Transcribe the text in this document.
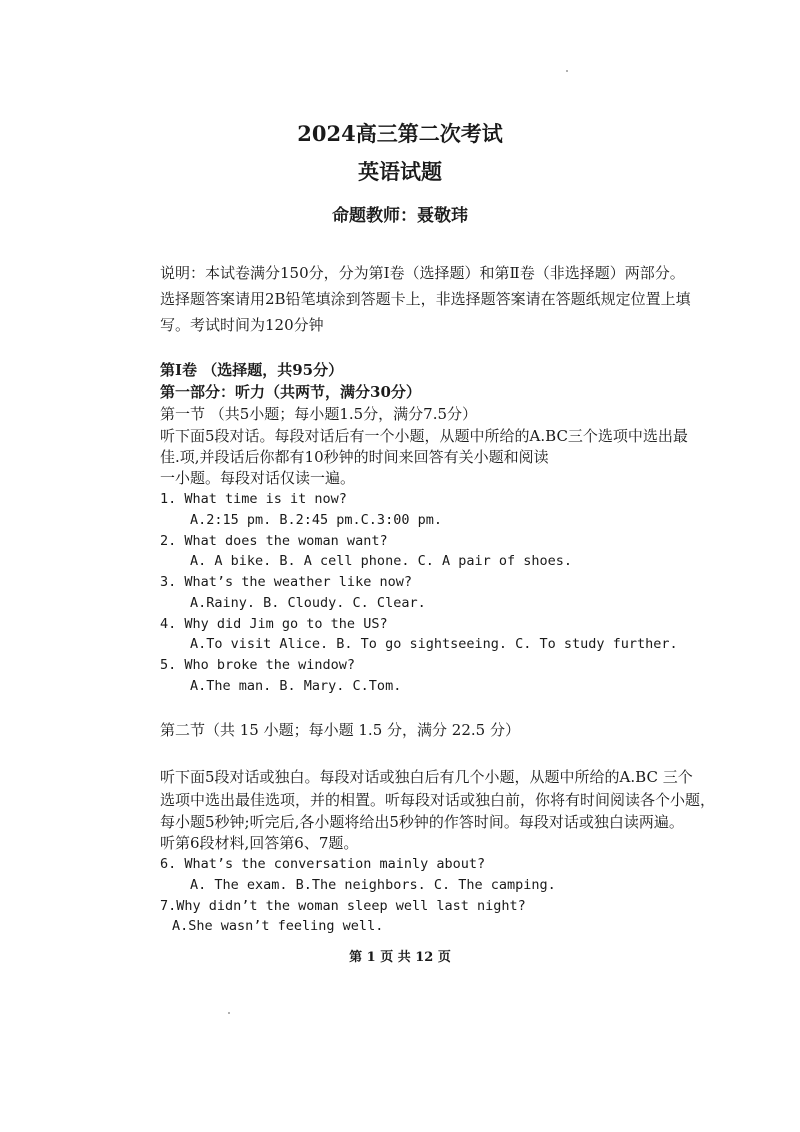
2024高三第二次考试
英语试题
命题教师：聂敬玮
说明：本试卷满分150分，分为第Ⅰ卷（选择题）和第Ⅱ卷（非选择题）两部分。
选择题答案请用2B铅笔填涂到答题卡上，非选择题答案请在答题纸规定位置上填
写。考试时间为120分钟
第Ⅰ卷 （选择题，共95分）
第一部分：听力（共两节，满分30分）
第一节 （共5小题；每小题1.5分，满分7.5分）
听下面5段对话。每段对话后有一个小题，从题中所给的A.BC三个选项中选出最
佳.项,并段话后你都有10秒钟的时间来回答有关小题和阅读
一小题。每段对话仅读一遍。
1. What time is it now?
A.2:15 pm. B.2:45 pm.C.3:00 pm.
2. What does the woman want?
A. A bike. B. A cell phone. C. A pair of shoes.
3. What’s the weather like now?
A.Rainy. B. Cloudy. C. Clear.
4. Why did Jim go to the US?
A.To visit Alice. B. To go sightseeing. C. To study further.
5. Who broke the window?
A.The man. B. Mary. C.Tom.
第二节（共 15 小题；每小题 1.5 分，满分 22.5 分）
听下面5段对话或独白。每段对话或独白后有几个小题，从题中所给的A.BC 三个
选项中选出最佳选项，并的相置。听每段对话或独白前，你将有时间阅读各个小题，
每小题5秒钟;听完后,各小题将给出5秒钟的作答时间。每段对话或独白读两遍。
听第6段材料,回答第6、7题。
6. What’s the conversation mainly about?
A. The exam. B.The neighbors. C. The camping.
7.Why didn’t the woman sleep well last night?
A.She wasn’t feeling well.
第 1 页 共 12 页
